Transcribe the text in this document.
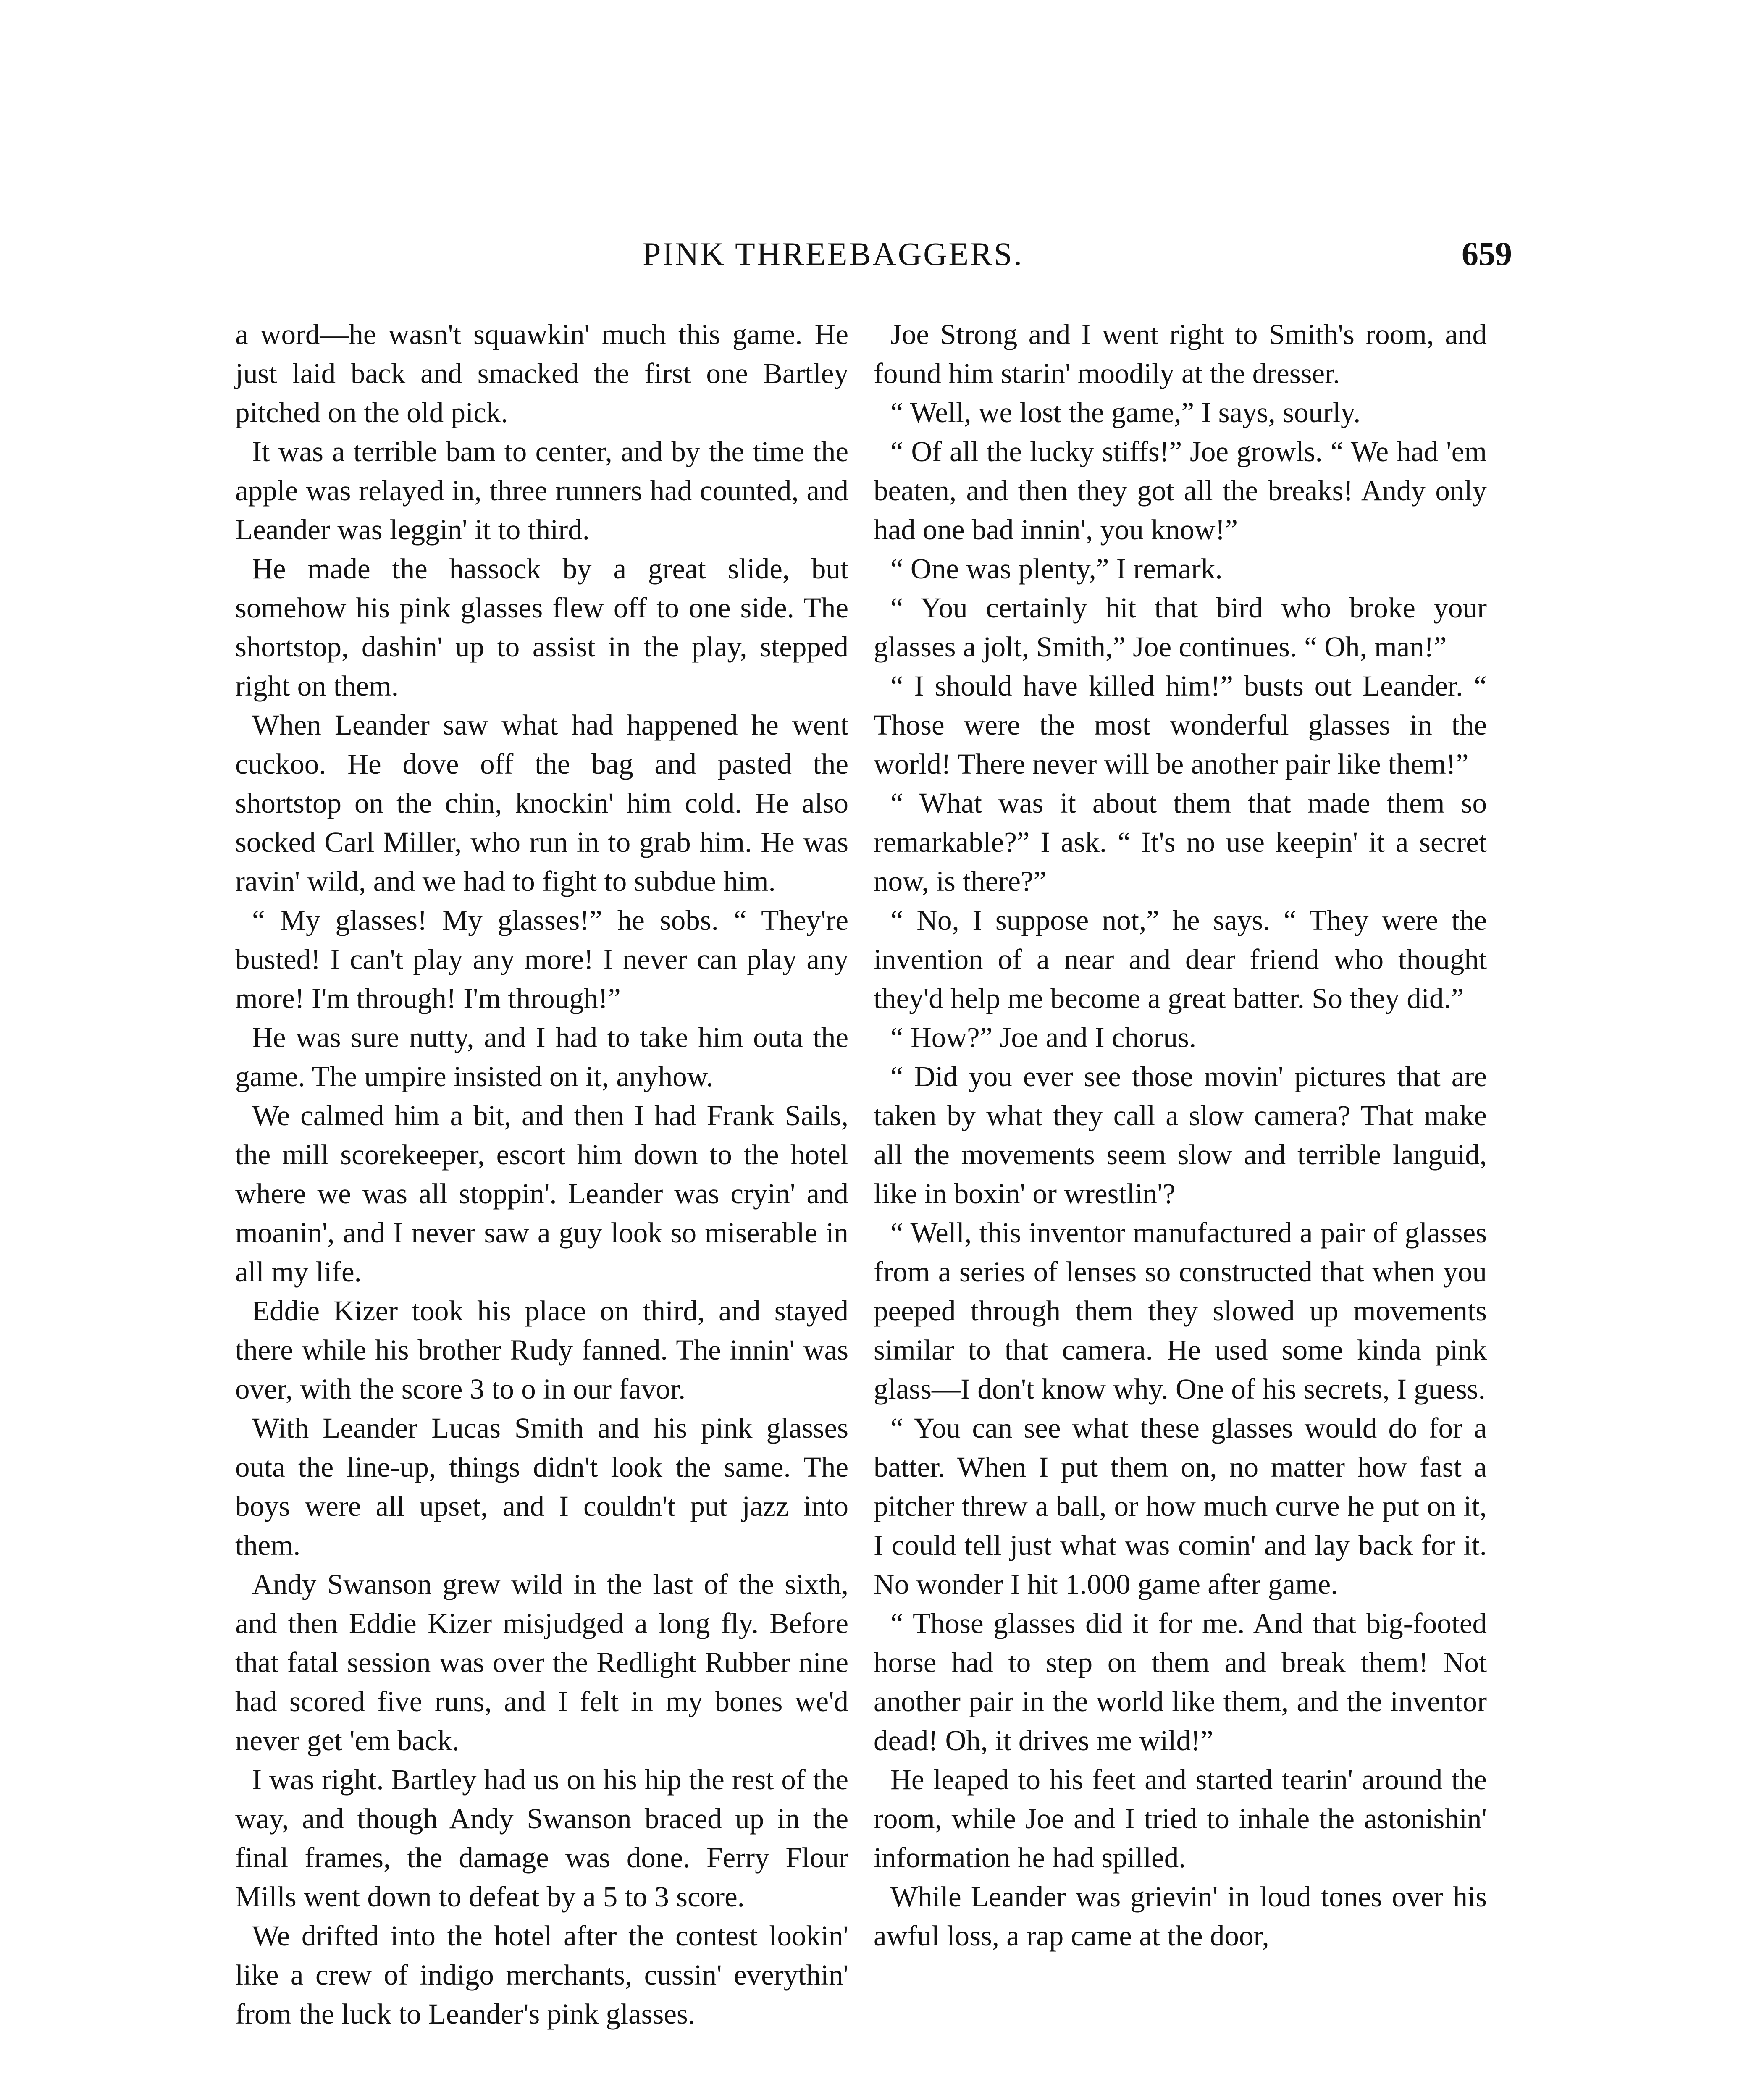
PINK THREEBAGGERS.	659

a word—he wasn't squawkin' much this game. He just laid back and smacked the first one Bartley pitched on the old pick.

It was a terrible bam to center, and by the time the apple was relayed in, three runners had counted, and Leander was leggin' it to third.

He made the hassock by a great slide, but somehow his pink glasses flew off to one side. The shortstop, dashin' up to assist in the play, stepped right on them.

When Leander saw what had happened he went cuckoo. He dove off the bag and pasted the shortstop on the chin, knockin' him cold. He also socked Carl Miller, who run in to grab him. He was ravin' wild, and we had to fight to subdue him.

“ My glasses! My glasses!” he sobs. “ They're busted! I can't play any more! I never can play any more! I'm through! I'm through!”

He was sure nutty, and I had to take him outa the game. The umpire insisted on it, anyhow.

We calmed him a bit, and then I had Frank Sails, the mill scorekeeper, escort him down to the hotel where we was all stoppin'. Leander was cryin' and moanin', and I never saw a guy look so miserable in all my life.

Eddie Kizer took his place on third, and stayed there while his brother Rudy fanned. The innin' was over, with the score 3 to o in our favor.

With Leander Lucas Smith and his pink glasses outa the line-up, things didn't look the same. The boys were all upset, and I couldn't put jazz into them.

Andy Swanson grew wild in the last of the sixth, and then Eddie Kizer misjudged a long fly. Before that fatal session was over the Redlight Rubber nine had scored five runs, and I felt in my bones we'd never get 'em back.

I was right. Bartley had us on his hip the rest of the way, and though Andy Swanson braced up in the final frames, the damage was done. Ferry Flour Mills went down to defeat by a 5 to 3 score.

We drifted into the hotel after the contest lookin' like a crew of indigo merchants, cussin' everythin' from the luck to Leander's pink glasses.

Joe Strong and I went right to Smith's room, and found him starin' moodily at the dresser.

“ Well, we lost the game,” I says, sourly.

“ Of all the lucky stiffs!” Joe growls. “ We had 'em beaten, and then they got all the breaks! Andy only had one bad innin', you know!”

“ One was plenty,” I remark.

“ You certainly hit that bird who broke your glasses a jolt, Smith,” Joe continues. “ Oh, man!”

“ I should have killed him!” busts out Leander. “ Those were the most wonderful glasses in the world! There never will be another pair like them!”

“ What was it about them that made them so remarkable?” I ask. “ It's no use keepin' it a secret now, is there?”

“ No, I suppose not,” he says. “ They were the invention of a near and dear friend who thought they'd help me become a great batter. So they did.”

“ How?” Joe and I chorus.

“ Did you ever see those movin' pictures that are taken by what they call a slow camera? That make all the movements seem slow and terrible languid, like in boxin' or wrestlin'?

“ Well, this inventor manufactured a pair of glasses from a series of lenses so constructed that when you peeped through them they slowed up movements similar to that camera. He used some kinda pink glass—I don't know why. One of his secrets, I guess.

“ You can see what these glasses would do for a batter. When I put them on, no matter how fast a pitcher threw a ball, or how much curve he put on it, I could tell just what was comin' and lay back for it. No wonder I hit 1.000 game after game.

“ Those glasses did it for me. And that big-footed horse had to step on them and break them! Not another pair in the world like them, and the inventor dead! Oh, it drives me wild!”

He leaped to his feet and started tearin' around the room, while Joe and I tried to inhale the astonishin' information he had spilled.

While Leander was grievin' in loud tones over his awful loss, a rap came at the door,
